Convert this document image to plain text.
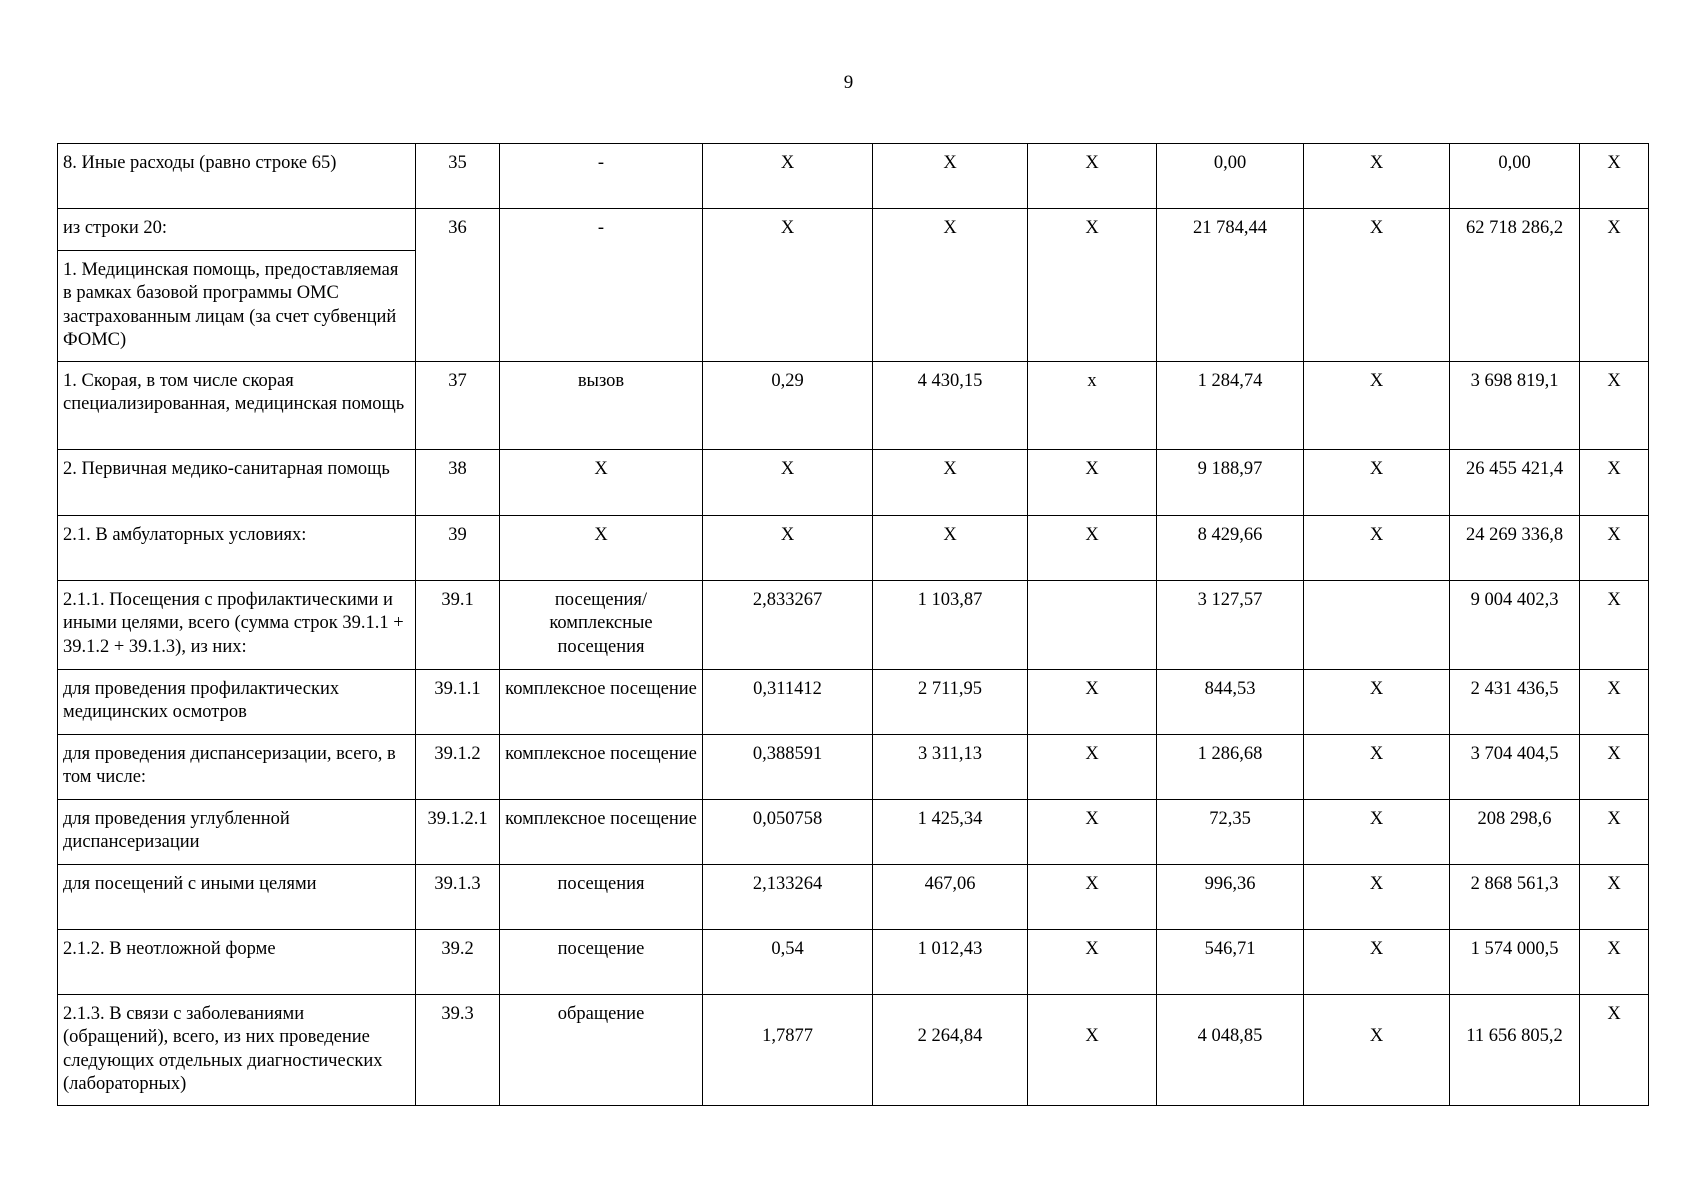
9
8. Иные расходы (равно строке 65)	35	-	Х	Х	Х	0,00	Х	0,00	Х
из строки 20:	36	-	Х	Х	Х	21 784,44	Х	62 718 286,2	Х
1. Медицинская помощь, предоставляемая в рамках базовой программы ОМС застрахованным лицам (за счет субвенций ФОМС)									
1. Скорая, в том числе скорая специализированная, медицинская помощь	37	вызов	0,29	4 430,15	х	1 284,74	Х	3 698 819,1	Х
2. Первичная медико-санитарная помощь	38	Х	Х	Х	Х	9 188,97	Х	26 455 421,4	Х
2.1. В амбулаторных условиях:	39	Х	Х	Х	Х	8 429,66	Х	24 269 336,8	Х
2.1.1. Посещения с профилактическими и иными целями, всего (сумма строк 39.1.1 + 39.1.2 + 39.1.3), из них:	39.1	посещения/ комплексные посещения	2,833267	1 103,87		3 127,57		9 004 402,3	Х
для проведения профилактических медицинских осмотров	39.1.1	комплексное посещение	0,311412	2 711,95	Х	844,53	Х	2 431 436,5	Х
для проведения диспансеризации, всего, в том числе:	39.1.2	комплексное посещение	0,388591	3 311,13	Х	1 286,68	Х	3 704 404,5	Х
для проведения углубленной диспансеризации	39.1.2.1	комплексное посещение	0,050758	1 425,34	Х	72,35	Х	208 298,6	Х
для посещений с иными целями	39.1.3	посещения	2,133264	467,06	Х	996,36	Х	2 868 561,3	Х
2.1.2. В неотложной форме	39.2	посещение	0,54	1 012,43	Х	546,71	Х	1 574 000,5	Х
2.1.3. В связи с заболеваниями (обращений), всего, из них проведение следующих отдельных диагностических (лабораторных)	39.3	обращение	1,7877	2 264,84	Х	4 048,85	Х	11 656 805,2	Х
